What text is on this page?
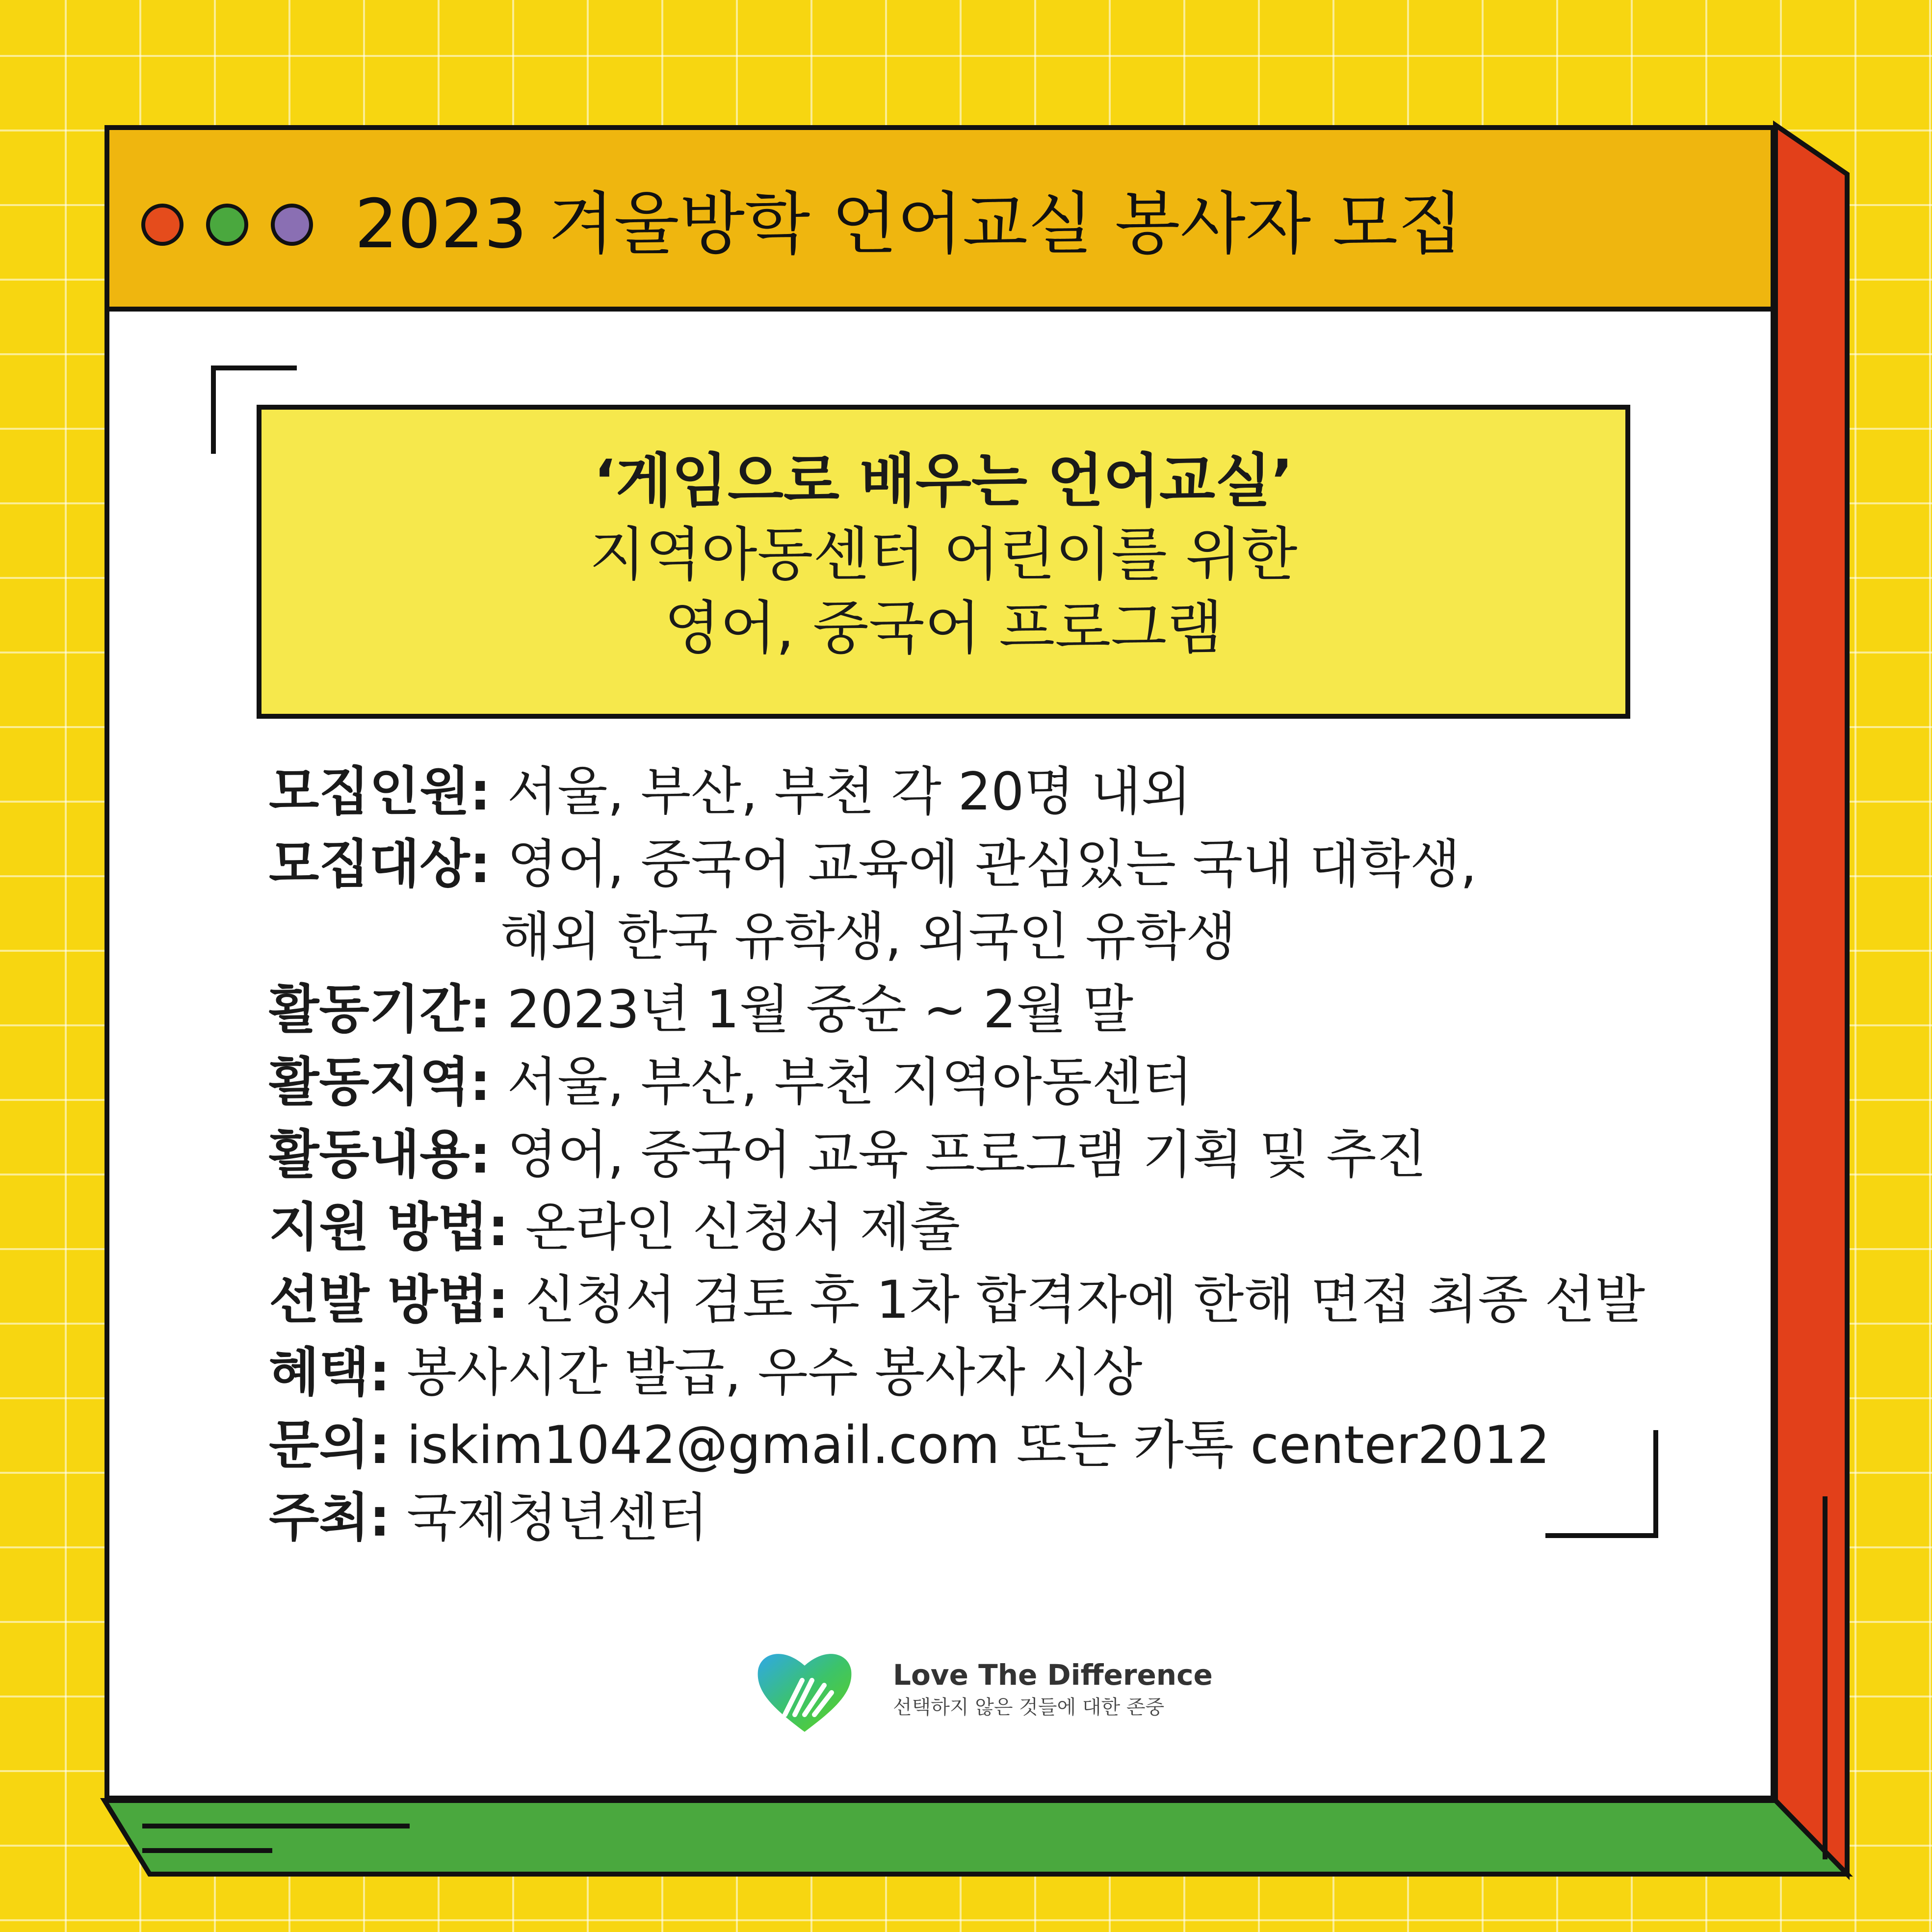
2023 겨울방학 언어교실 봉사자 모집
‘게임으로 배우는 언어교실’
지역아동센터 어린이를 위한
영어, 중국어 프로그램
모집인원: 서울, 부산, 부천 각 20명 내외
모집대상: 영어, 중국어 교육에 관심있는 국내 대학생,
해외 한국 유학생, 외국인 유학생
활동기간: 2023년 1월 중순 ~ 2월 말
활동지역: 서울, 부산, 부천 지역아동센터
활동내용: 영어, 중국어 교육 프로그램 기획 및 추진
지원 방법: 온라인 신청서 제출
선발 방법: 신청서 검토 후 1차 합격자에 한해 면접 최종 선발
혜택: 봉사시간 발급, 우수 봉사자 시상
문의: iskim1042@gmail.com 또는 카톡 center2012
주최: 국제청년센터
Love The Difference
선택하지 않은 것들에 대한 존중
